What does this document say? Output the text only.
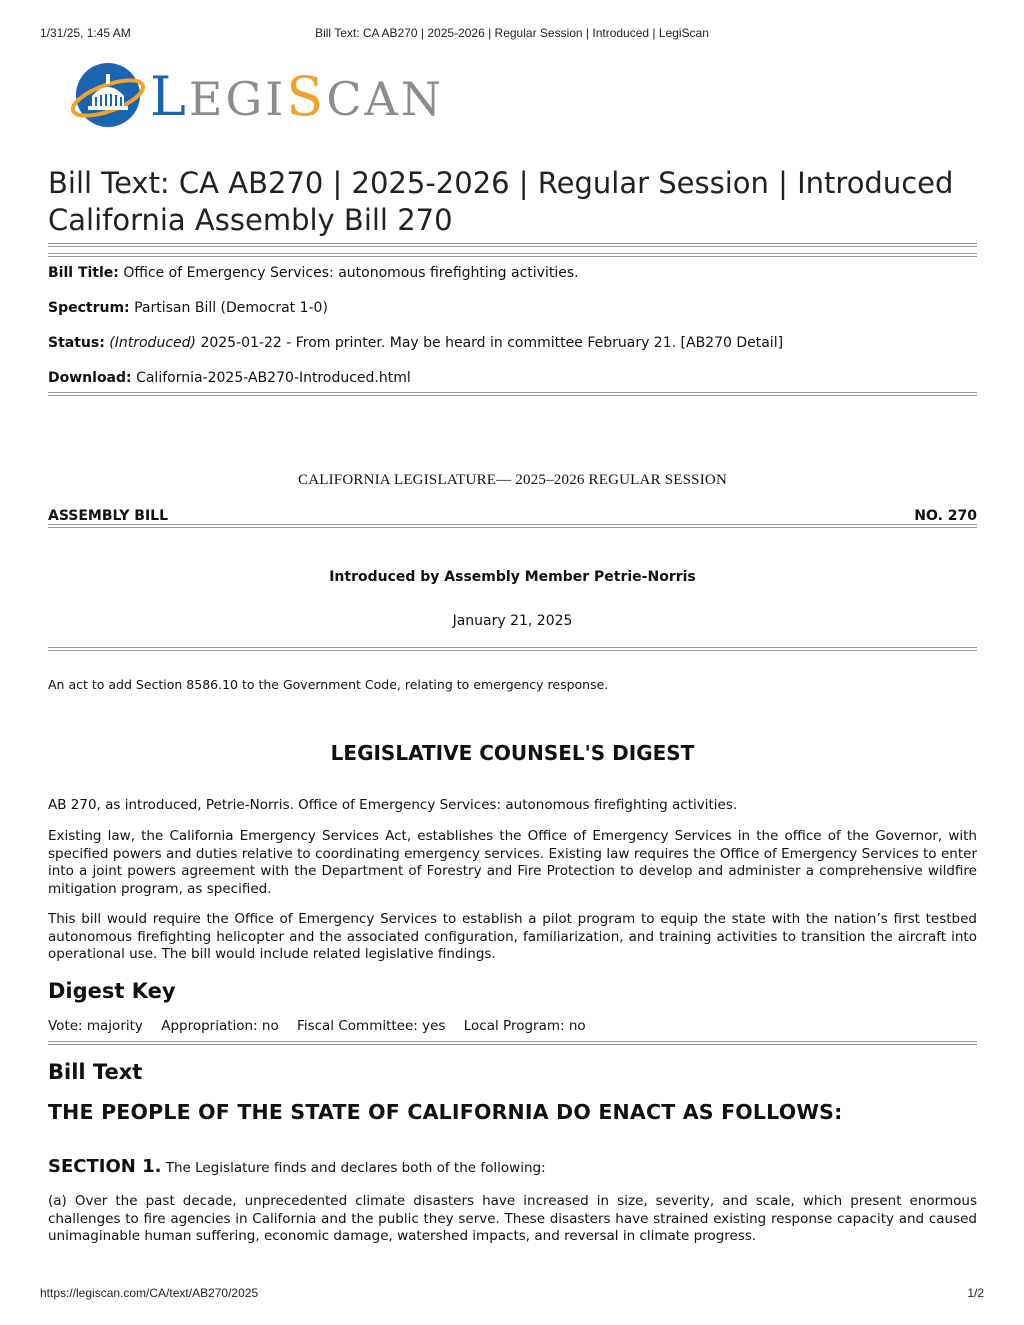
1/31/25, 1:45 AM	Bill Text: CA AB270 | 2025-2026 | Regular Session | Introduced | LegiScan
LEGISCAN
Bill Text: CA AB270 | 2025-2026 | Regular Session | Introduced
California Assembly Bill 270
Bill Title: Office of Emergency Services: autonomous firefighting activities.
Spectrum: Partisan Bill (Democrat 1-0)
Status: (Introduced) 2025-01-22 - From printer. May be heard in committee February 21. [AB270 Detail]
Download: California-2025-AB270-Introduced.html
CALIFORNIA LEGISLATURE— 2025–2026 REGULAR SESSION
ASSEMBLY BILL	NO. 270
Introduced by Assembly Member Petrie-Norris
January 21, 2025
An act to add Section 8586.10 to the Government Code, relating to emergency response.
LEGISLATIVE COUNSEL'S DIGEST
AB 270, as introduced, Petrie-Norris. Office of Emergency Services: autonomous firefighting activities.
Existing law, the California Emergency Services Act, establishes the Office of Emergency Services in the office of the Governor, with specified powers and duties relative to coordinating emergency services. Existing law requires the Office of Emergency Services to enter into a joint powers agreement with the Department of Forestry and Fire Protection to develop and administer a comprehensive wildfire mitigation program, as specified.
This bill would require the Office of Emergency Services to establish a pilot program to equip the state with the nation’s first testbed autonomous firefighting helicopter and the associated configuration, familiarization, and training activities to transition the aircraft into operational use. The bill would include related legislative findings.
Digest Key
Vote: majority Appropriation: no Fiscal Committee: yes Local Program: no
Bill Text
THE PEOPLE OF THE STATE OF CALIFORNIA DO ENACT AS FOLLOWS:
SECTION 1. The Legislature finds and declares both of the following:
(a) Over the past decade, unprecedented climate disasters have increased in size, severity, and scale, which present enormous challenges to fire agencies in California and the public they serve. These disasters have strained existing response capacity and caused unimaginable human suffering, economic damage, watershed impacts, and reversal in climate progress.
https://legiscan.com/CA/text/AB270/2025	1/2
